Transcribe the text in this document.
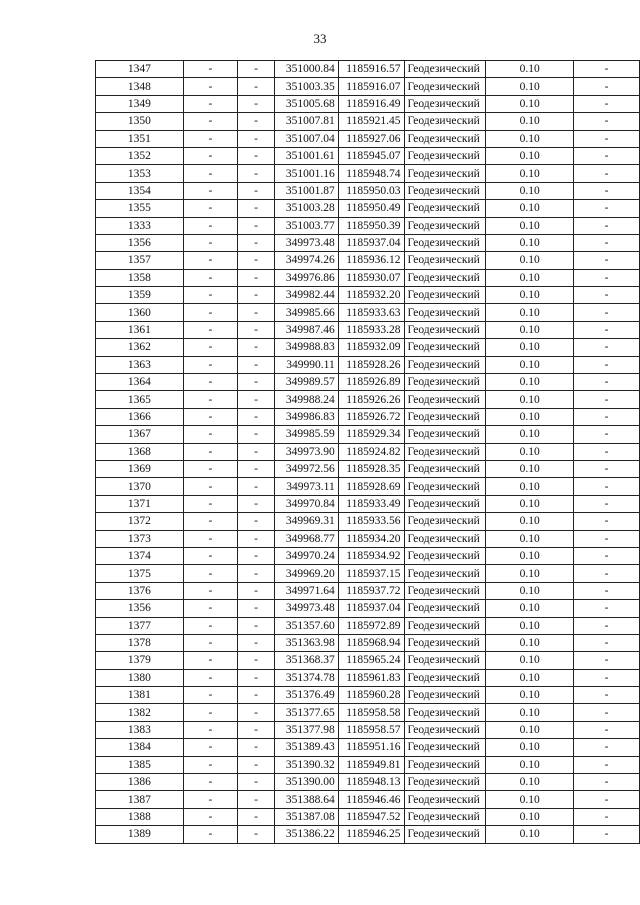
33
1347	-	-	351000.84	1185916.57	Геодезический	0.10	-
1348	-	-	351003.35	1185916.07	Геодезический	0.10	-
1349	-	-	351005.68	1185916.49	Геодезический	0.10	-
1350	-	-	351007.81	1185921.45	Геодезический	0.10	-
1351	-	-	351007.04	1185927.06	Геодезический	0.10	-
1352	-	-	351001.61	1185945.07	Геодезический	0.10	-
1353	-	-	351001.16	1185948.74	Геодезический	0.10	-
1354	-	-	351001.87	1185950.03	Геодезический	0.10	-
1355	-	-	351003.28	1185950.49	Геодезический	0.10	-
1333	-	-	351003.77	1185950.39	Геодезический	0.10	-
1356	-	-	349973.48	1185937.04	Геодезический	0.10	-
1357	-	-	349974.26	1185936.12	Геодезический	0.10	-
1358	-	-	349976.86	1185930.07	Геодезический	0.10	-
1359	-	-	349982.44	1185932.20	Геодезический	0.10	-
1360	-	-	349985.66	1185933.63	Геодезический	0.10	-
1361	-	-	349987.46	1185933.28	Геодезический	0.10	-
1362	-	-	349988.83	1185932.09	Геодезический	0.10	-
1363	-	-	349990.11	1185928.26	Геодезический	0.10	-
1364	-	-	349989.57	1185926.89	Геодезический	0.10	-
1365	-	-	349988.24	1185926.26	Геодезический	0.10	-
1366	-	-	349986.83	1185926.72	Геодезический	0.10	-
1367	-	-	349985.59	1185929.34	Геодезический	0.10	-
1368	-	-	349973.90	1185924.82	Геодезический	0.10	-
1369	-	-	349972.56	1185928.35	Геодезический	0.10	-
1370	-	-	349973.11	1185928.69	Геодезический	0.10	-
1371	-	-	349970.84	1185933.49	Геодезический	0.10	-
1372	-	-	349969.31	1185933.56	Геодезический	0.10	-
1373	-	-	349968.77	1185934.20	Геодезический	0.10	-
1374	-	-	349970.24	1185934.92	Геодезический	0.10	-
1375	-	-	349969.20	1185937.15	Геодезический	0.10	-
1376	-	-	349971.64	1185937.72	Геодезический	0.10	-
1356	-	-	349973.48	1185937.04	Геодезический	0.10	-
1377	-	-	351357.60	1185972.89	Геодезический	0.10	-
1378	-	-	351363.98	1185968.94	Геодезический	0.10	-
1379	-	-	351368.37	1185965.24	Геодезический	0.10	-
1380	-	-	351374.78	1185961.83	Геодезический	0.10	-
1381	-	-	351376.49	1185960.28	Геодезический	0.10	-
1382	-	-	351377.65	1185958.58	Геодезический	0.10	-
1383	-	-	351377.98	1185958.57	Геодезический	0.10	-
1384	-	-	351389.43	1185951.16	Геодезический	0.10	-
1385	-	-	351390.32	1185949.81	Геодезический	0.10	-
1386	-	-	351390.00	1185948.13	Геодезический	0.10	-
1387	-	-	351388.64	1185946.46	Геодезический	0.10	-
1388	-	-	351387.08	1185947.52	Геодезический	0.10	-
1389	-	-	351386.22	1185946.25	Геодезический	0.10	-
